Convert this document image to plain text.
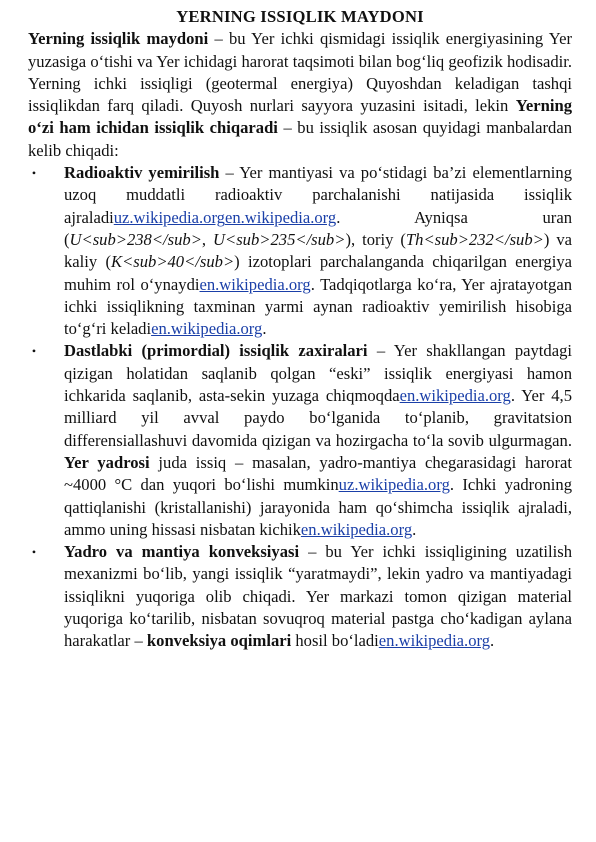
YERNING ISSIQLIK MAYDONI

Yerning issiqlik maydoni – bu Yer ichki qismidagi issiqlik energiyasining Yer yuzasiga o‘tishi va Yer ichidagi harorat taqsimoti bilan bog‘liq geofizik hodisadir. Yerning ichki issiqligi (geotermal energiya) Quyoshdan keladigan tashqi issiqlikdan farq qiladi. Quyosh nurlari sayyora yuzasini isitadi, lekin Yerning o‘zi ham ichidan issiqlik chiqaradi – bu issiqlik asosan quyidagi manbalardan kelib chiqadi:

• Radioaktiv yemirilish – Yer mantiyasi va po‘stidagi ba’zi elementlarning uzoq muddatli radioaktiv parchalanishi natijasida issiqlik ajraladiuz.wikipedia.orgen.wikipedia.org. Ayniqsa uran (U<sub>238</sub>, U<sub>235</sub>), toriy (Th<sub>232</sub>) va kaliy (K<sub>40</sub>) izotoplari parchalanganda chiqarilgan energiya muhim rol o‘ynaydien.wikipedia.org. Tadqiqotlarga ko‘ra, Yer ajratayotgan ichki issiqlikning taxminan yarmi aynan radioaktiv yemirilish hisobiga to‘g‘ri keladien.wikipedia.org.
• Dastlabki (primordial) issiqlik zaxiralari – Yer shakllangan paytdagi qizigan holatidan saqlanib qolgan “eski” issiqlik energiyasi hamon ichkarida saqlanib, asta-sekin yuzaga chiqmoqdaen.wikipedia.org. Yer 4,5 milliard yil avval paydo bo‘lganida to‘planib, gravitatsion differensiallashuvi davomida qizigan va hozirgacha to‘la sovib ulgurmagan. Yer yadrosi juda issiq – masalan, yadro-mantiya chegarasidagi harorat ~4000 °C dan yuqori bo‘lishi mumkinuz.wikipedia.org. Ichki yadroning qattiqlanishi (kristallanishi) jarayonida ham qo‘shimcha issiqlik ajraladi, ammo uning hissasi nisbatan kichiken.wikipedia.org.
• Yadro va mantiya konveksiyasi – bu Yer ichki issiqligining uzatilish mexanizmi bo‘lib, yangi issiqlik “yaratmaydi”, lekin yadro va mantiyadagi issiqlikni yuqoriga olib chiqadi. Yer markazi tomon qizigan material yuqoriga ko‘tarilib, nisbatan sovuqroq material pastga cho‘kadigan aylana harakatlar – konveksiya oqimlari hosil bo‘ladien.wikipedia.org.
